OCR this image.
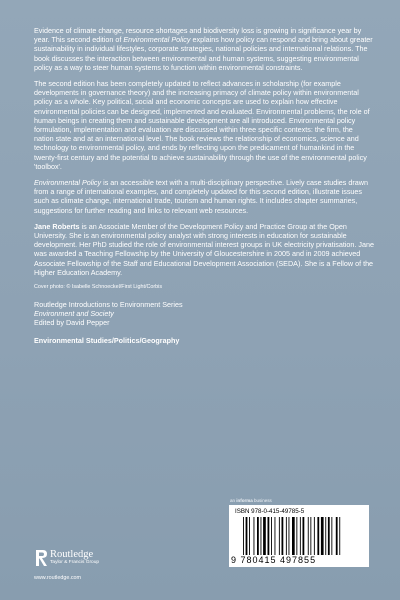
Evidence of climate change, resource shortages and biodiversity loss is growing in significance year by year. This second edition of Environmental Policy explains how policy can respond and bring about greater sustainability in individual lifestyles, corporate strategies, national policies and international relations. The book discusses the interaction between environmental and human systems, suggesting environmental policy as a way to steer human systems to function within environmental constraints.

The second edition has been completely updated to reflect advances in scholarship (for example developments in governance theory) and the increasing primacy of climate policy within environmental policy as a whole. Key political, social and economic concepts are used to explain how effective environmental policies can be designed, implemented and evaluated. Environmental problems, the role of human beings in creating them and sustainable development are all introduced. Environmental policy formulation, implementation and evaluation are discussed within three specific contexts: the firm, the nation state and at an international level. The book reviews the relationship of economics, science and technology to environmental policy, and ends by reflecting upon the predicament of humankind in the twenty-first century and the potential to achieve sustainability through the use of the environmental policy 'toolbox'.

Environmental Policy is an accessible text with a multi-disciplinary perspective. Lively case studies drawn from a range of international examples, and completely updated for this second edition, illustrate issues such as climate change, international trade, tourism and human rights. It includes chapter summaries, suggestions for further reading and links to relevant web resources.

Jane Roberts is an Associate Member of the Development Policy and Practice Group at the Open University. She is an environmental policy analyst with strong interests in education for sustainable development. Her PhD studied the role of environmental interest groups in UK electricity privatisation. Jane was awarded a Teaching Fellowship by the University of Gloucestershire in 2005 and in 2009 achieved Associate Fellowship of the Staff and Educational Development Association (SEDA). She is a Fellow of the Higher Education Academy.

Cover photo: © Isabelle Schnoeckel/First Light/Corbis
Routledge Introductions to Environment Series
Environment and Society
Edited by David Pepper
Environmental Studies/Politics/Geography
an informa business
ISBN 978-0-415-49785-5
9 780415 497855
Routledge
Taylor & Francis Group
www.routledge.com
